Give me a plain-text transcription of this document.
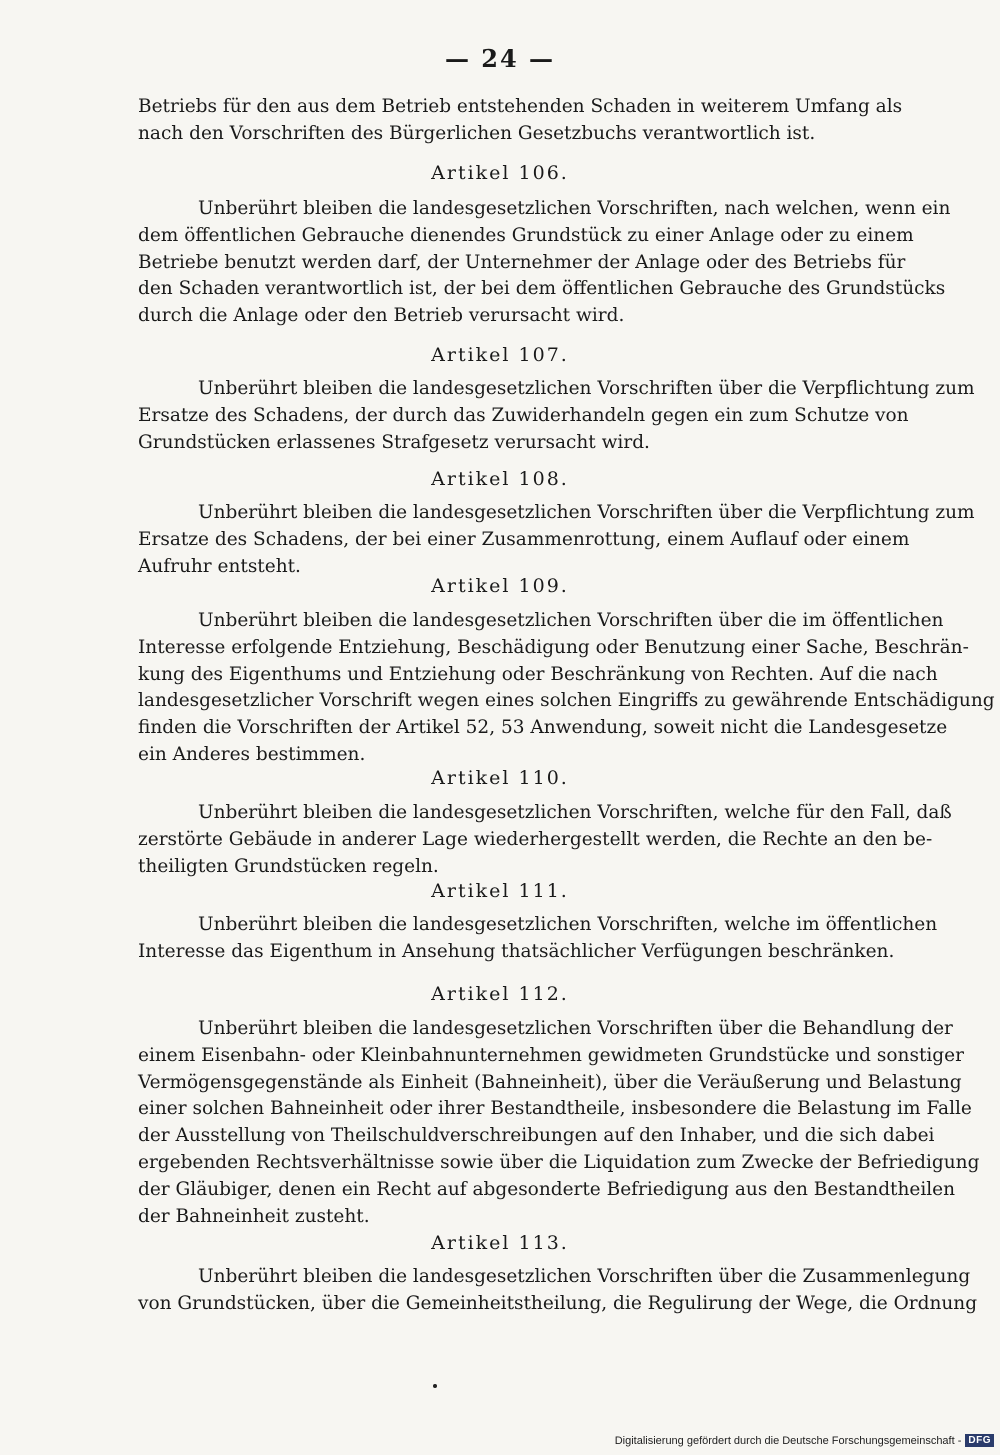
— 24 —
Betriebs für den aus dem Betrieb entstehenden Schaden in weiterem Umfang als
nach den Vorschriften des Bürgerlichen Gesetzbuchs verantwortlich ist.
Artikel 106.
Unberührt bleiben die landesgesetzlichen Vorschriften, nach welchen, wenn ein
dem öffentlichen Gebrauche dienendes Grundstück zu einer Anlage oder zu einem
Betriebe benutzt werden darf, der Unternehmer der Anlage oder des Betriebs für
den Schaden verantwortlich ist, der bei dem öffentlichen Gebrauche des Grundstücks
durch die Anlage oder den Betrieb verursacht wird.
Artikel 107.
Unberührt bleiben die landesgesetzlichen Vorschriften über die Verpflichtung zum
Ersatze des Schadens, der durch das Zuwiderhandeln gegen ein zum Schutze von
Grundstücken erlassenes Strafgesetz verursacht wird.
Artikel 108.
Unberührt bleiben die landesgesetzlichen Vorschriften über die Verpflichtung zum
Ersatze des Schadens, der bei einer Zusammenrottung, einem Auflauf oder einem
Aufruhr entsteht.
Artikel 109.
Unberührt bleiben die landesgesetzlichen Vorschriften über die im öffentlichen
Interesse erfolgende Entziehung, Beschädigung oder Benutzung einer Sache, Beschrän-
kung des Eigenthums und Entziehung oder Beschränkung von Rechten. Auf die nach
landesgesetzlicher Vorschrift wegen eines solchen Eingriffs zu gewährende Entschädigung
finden die Vorschriften der Artikel 52, 53 Anwendung, soweit nicht die Landesgesetze
ein Anderes bestimmen.
Artikel 110.
Unberührt bleiben die landesgesetzlichen Vorschriften, welche für den Fall, daß
zerstörte Gebäude in anderer Lage wiederhergestellt werden, die Rechte an den be-
theiligten Grundstücken regeln.
Artikel 111.
Unberührt bleiben die landesgesetzlichen Vorschriften, welche im öffentlichen
Interesse das Eigenthum in Ansehung thatsächlicher Verfügungen beschränken.
Artikel 112.
Unberührt bleiben die landesgesetzlichen Vorschriften über die Behandlung der
einem Eisenbahn- oder Kleinbahnunternehmen gewidmeten Grundstücke und sonstiger
Vermögensgegenstände als Einheit (Bahneinheit), über die Veräußerung und Belastung
einer solchen Bahneinheit oder ihrer Bestandtheile, insbesondere die Belastung im Falle
der Ausstellung von Theilschuldverschreibungen auf den Inhaber, und die sich dabei
ergebenden Rechtsverhältnisse sowie über die Liquidation zum Zwecke der Befriedigung
der Gläubiger, denen ein Recht auf abgesonderte Befriedigung aus den Bestandtheilen
der Bahneinheit zusteht.
Artikel 113.
Unberührt bleiben die landesgesetzlichen Vorschriften über die Zusammenlegung
von Grundstücken, über die Gemeinheitstheilung, die Regulirung der Wege, die Ordnung
Digitalisierung gefördert durch die Deutsche Forschungsgemeinschaft - DFG
